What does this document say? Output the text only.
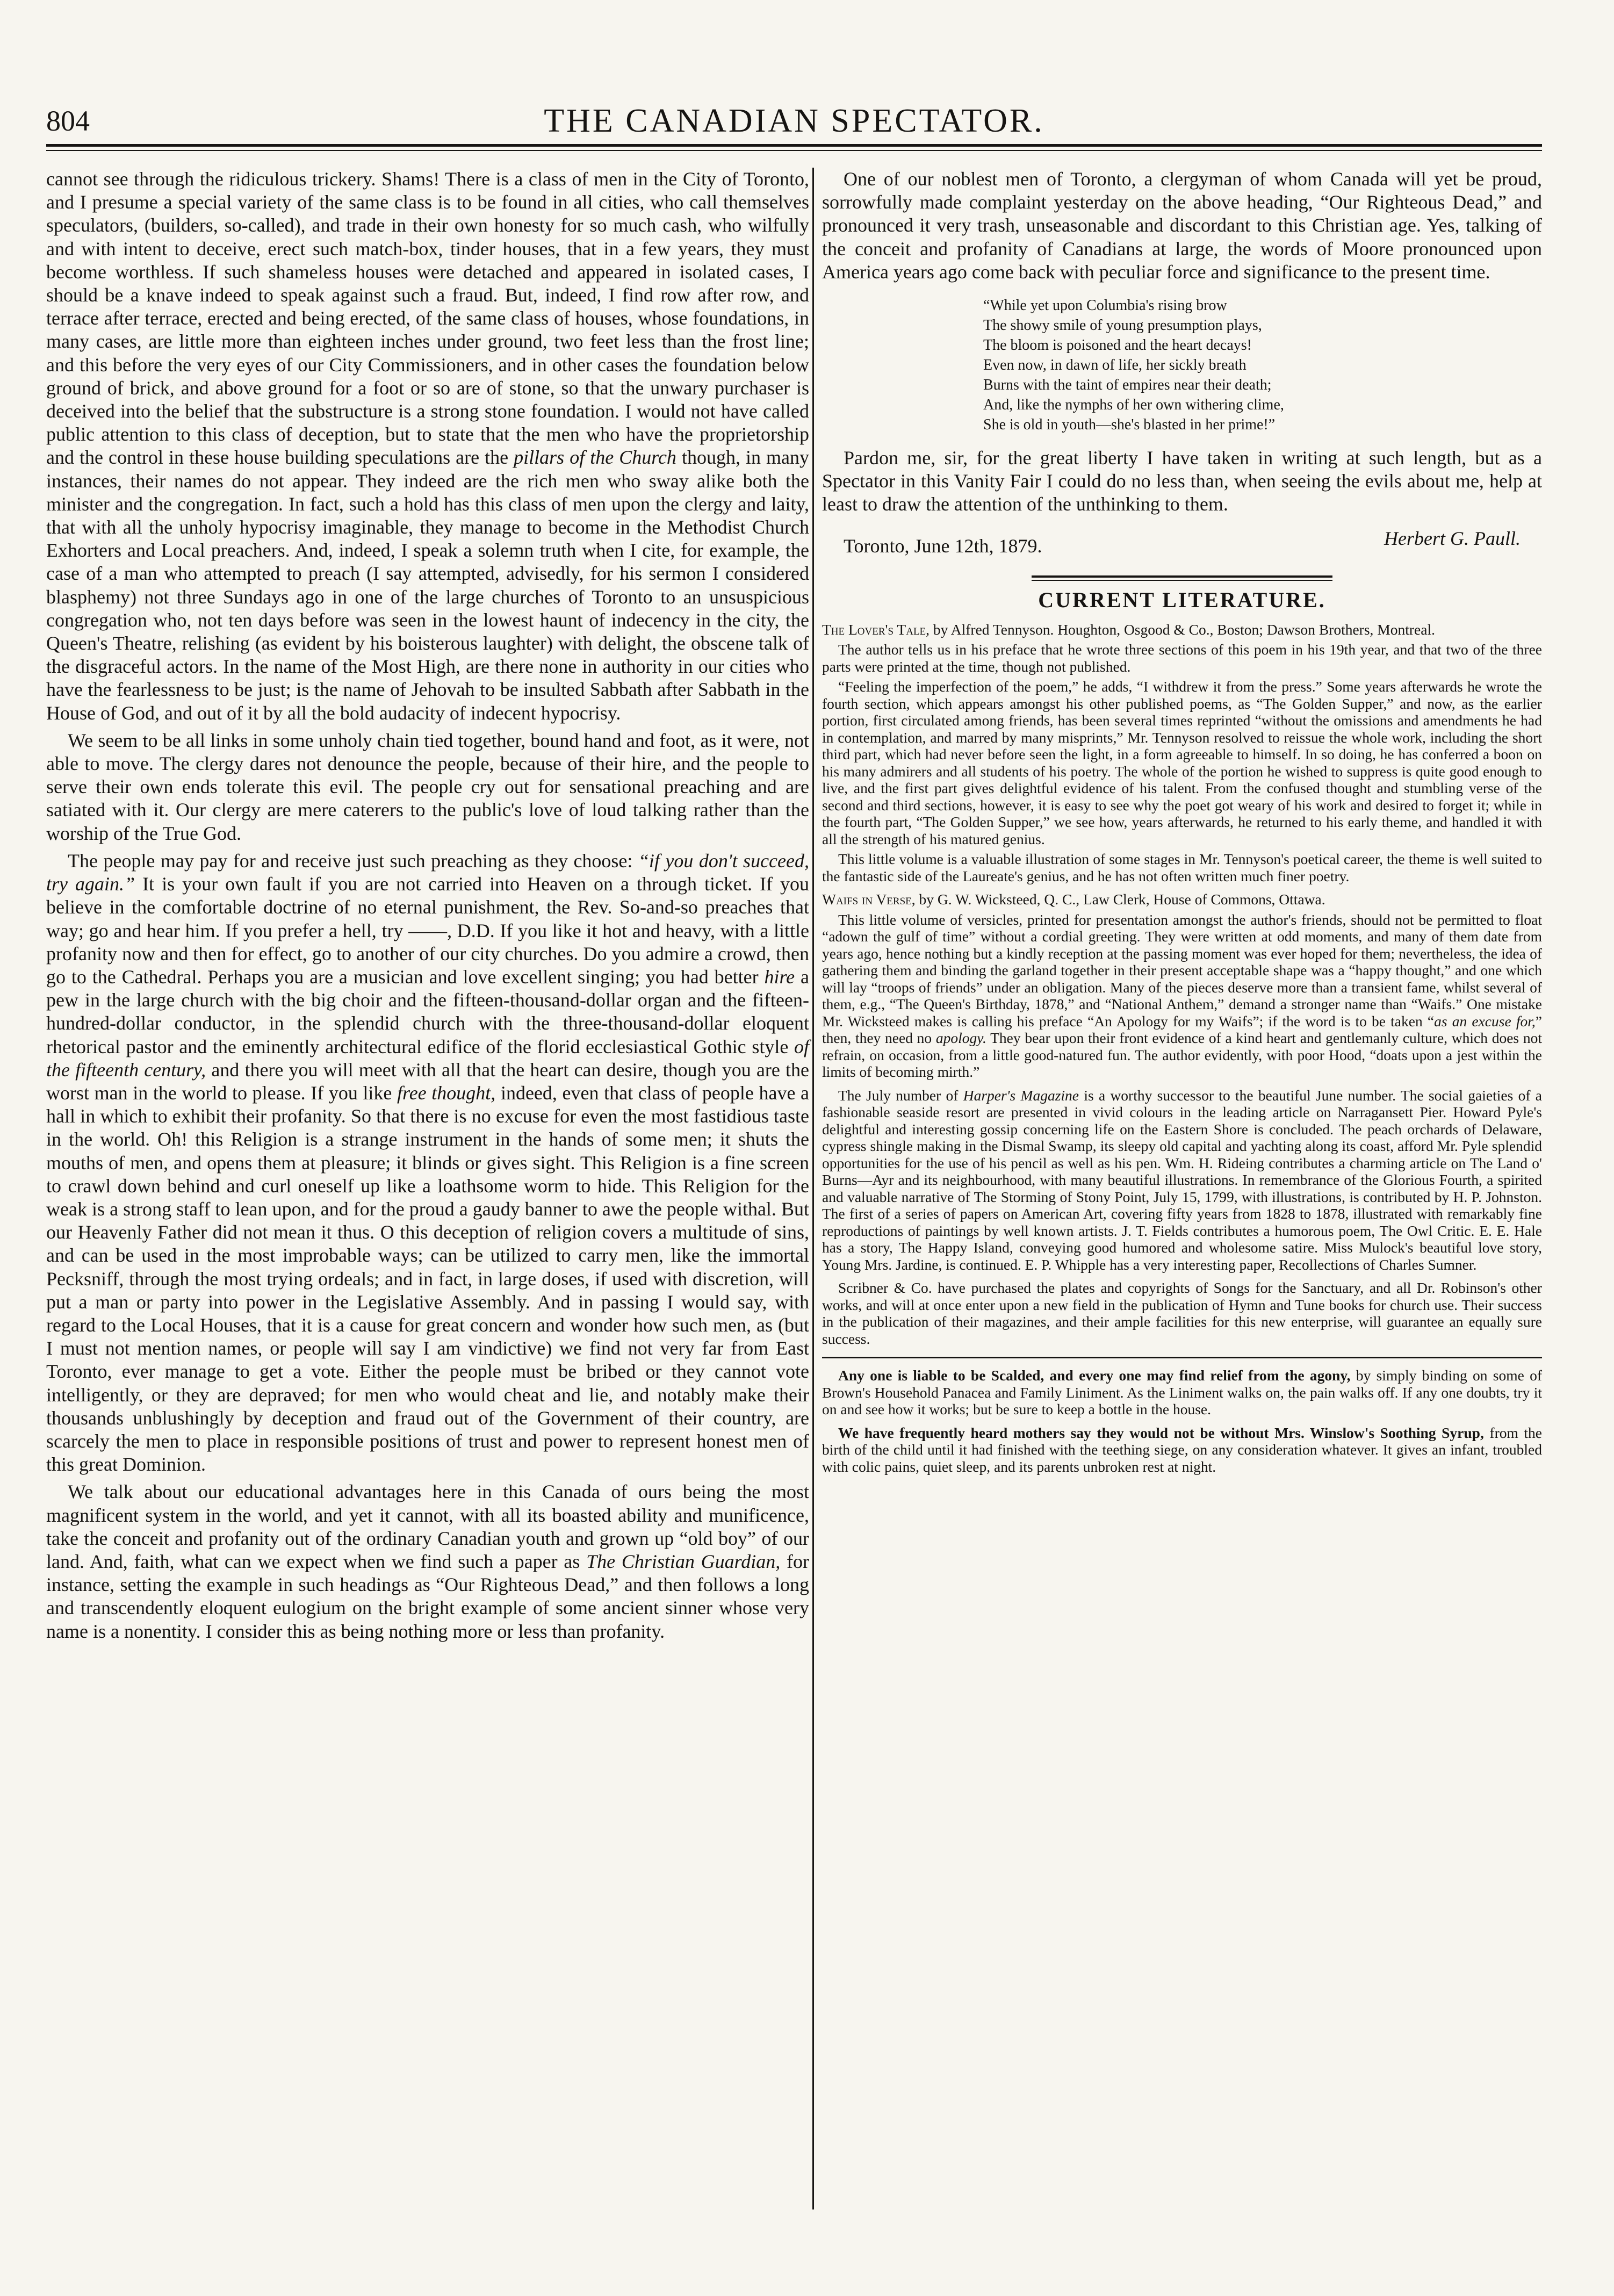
804	THE CANADIAN SPECTATOR.

cannot see through the ridiculous trickery. Shams! There is a class of men in the City of Toronto, and I presume a special variety of the same class is to be found in all cities, who call themselves speculators, (builders, so-called), and trade in their own honesty for so much cash, who wilfully and with intent to deceive, erect such match-box, tinder houses, that in a few years, they must become worthless. If such shameless houses were detached and appeared in isolated cases, I should be a knave indeed to speak against such a fraud. But, indeed, I find row after row, and terrace after terrace, erected and being erected, of the same class of houses, whose foundations, in many cases, are little more than eighteen inches under ground, two feet less than the frost line; and this before the very eyes of our City Commissioners, and in other cases the foundation below ground of brick, and above ground for a foot or so are of stone, so that the unwary purchaser is deceived into the belief that the substructure is a strong stone foundation. I would not have called public attention to this class of deception, but to state that the men who have the proprietorship and the control in these house building speculations are the pillars of the Church though, in many instances, their names do not appear. They indeed are the rich men who sway alike both the minister and the congregation. In fact, such a hold has this class of men upon the clergy and laity, that with all the unholy hypocrisy imaginable, they manage to become in the Methodist Church Exhorters and Local preachers. And, indeed, I speak a solemn truth when I cite, for example, the case of a man who attempted to preach (I say attempted, advisedly, for his sermon I considered blasphemy) not three Sundays ago in one of the large churches of Toronto to an unsuspicious congregation who, not ten days before was seen in the lowest haunt of indecency in the city, the Queen's Theatre, relishing (as evident by his boisterous laughter) with delight, the obscene talk of the disgraceful actors. In the name of the Most High, are there none in authority in our cities who have the fearlessness to be just; is the name of Jehovah to be insulted Sabbath after Sabbath in the House of God, and out of it by all the bold audacity of indecent hypocrisy.

We seem to be all links in some unholy chain tied together, bound hand and foot, as it were, not able to move. The clergy dares not denounce the people, because of their hire, and the people to serve their own ends tolerate this evil. The people cry out for sensational preaching and are satiated with it. Our clergy are mere caterers to the public's love of loud talking rather than the worship of the True God.

The people may pay for and receive just such preaching as they choose: “if you don't succeed, try again.” It is your own fault if you are not carried into Heaven on a through ticket. If you believe in the comfortable doctrine of no eternal punishment, the Rev. So-and-so preaches that way; go and hear him. If you prefer a hell, try ——, D.D. If you like it hot and heavy, with a little profanity now and then for effect, go to another of our city churches. Do you admire a crowd, then go to the Cathedral. Perhaps you are a musician and love excellent singing; you had better hire a pew in the large church with the big choir and the fifteen-thousand-dollar organ and the fifteen-hundred-dollar conductor, in the splendid church with the three-thousand-dollar eloquent rhetorical pastor and the eminently architectural edifice of the florid ecclesiastical Gothic style of the fifteenth century, and there you will meet with all that the heart can desire, though you are the worst man in the world to please. If you like free thought, indeed, even that class of people have a hall in which to exhibit their profanity. So that there is no excuse for even the most fastidious taste in the world. Oh! this Religion is a strange instrument in the hands of some men; it shuts the mouths of men, and opens them at pleasure; it blinds or gives sight. This Religion is a fine screen to crawl down behind and curl oneself up like a loathsome worm to hide. This Religion for the weak is a strong staff to lean upon, and for the proud a gaudy banner to awe the people withal. But our Heavenly Father did not mean it thus. O this deception of religion covers a multitude of sins, and can be used in the most improbable ways; can be utilized to carry men, like the immortal Pecksniff, through the most trying ordeals; and in fact, in large doses, if used with discretion, will put a man or party into power in the Legislative Assembly. And in passing I would say, with regard to the Local Houses, that it is a cause for great concern and wonder how such men, as (but I must not mention names, or people will say I am vindictive) we find not very far from East Toronto, ever manage to get a vote. Either the people must be bribed or they cannot vote intelligently, or they are depraved; for men who would cheat and lie, and notably make their thousands unblushingly by deception and fraud out of the Government of their country, are scarcely the men to place in responsible positions of trust and power to represent honest men of this great Dominion.

We talk about our educational advantages here in this Canada of ours being the most magnificent system in the world, and yet it cannot, with all its boasted ability and munificence, take the conceit and profanity out of the ordinary Canadian youth and grown up “old boy” of our land. And, faith, what can we expect when we find such a paper as The Christian Guardian, for instance, setting the example in such headings as “Our Righteous Dead,” and then follows a long and transcendently eloquent eulogium on the bright example of some ancient sinner whose very name is a nonentity. I consider this as being nothing more or less than profanity.

One of our noblest men of Toronto, a clergyman of whom Canada will yet be proud, sorrowfully made complaint yesterday on the above heading, “Our Righteous Dead,” and pronounced it very trash, unseasonable and discordant to this Christian age. Yes, talking of the conceit and profanity of Canadians at large, the words of Moore pronounced upon America years ago come back with peculiar force and significance to the present time.

“While yet upon Columbia's rising brow
The showy smile of young presumption plays,
The bloom is poisoned and the heart decays!
Even now, in dawn of life, her sickly breath
Burns with the taint of empires near their death;
And, like the nymphs of her own withering clime,
She is old in youth—she's blasted in her prime!”

Pardon me, sir, for the great liberty I have taken in writing at such length, but as a Spectator in this Vanity Fair I could do no less than, when seeing the evils about me, help at least to draw the attention of the unthinking to them.

Toronto, June 12th, 1879.	Herbert G. Paull.
CURRENT LITERATURE.

The Lover's Tale, by Alfred Tennyson. Houghton, Osgood & Co., Boston; Dawson Brothers, Montreal.

The author tells us in his preface that he wrote three sections of this poem in his 19th year, and that two of the three parts were printed at the time, though not published.

“Feeling the imperfection of the poem,” he adds, “I withdrew it from the press.” Some years afterwards he wrote the fourth section, which appears amongst his other published poems, as “The Golden Supper,” and now, as the earlier portion, first circulated among friends, has been several times reprinted “without the omissions and amendments he had in contemplation, and marred by many misprints,” Mr. Tennyson resolved to reissue the whole work, including the short third part, which had never before seen the light, in a form agreeable to himself. In so doing, he has conferred a boon on his many admirers and all students of his poetry. The whole of the portion he wished to suppress is quite good enough to live, and the first part gives delightful evidence of his talent. From the confused thought and stumbling verse of the second and third sections, however, it is easy to see why the poet got weary of his work and desired to forget it; while in the fourth part, “The Golden Supper,” we see how, years afterwards, he returned to his early theme, and handled it with all the strength of his matured genius.

This little volume is a valuable illustration of some stages in Mr. Tennyson's poetical career, the theme is well suited to the fantastic side of the Laureate's genius, and he has not often written much finer poetry.

Waifs in Verse, by G. W. Wicksteed, Q. C., Law Clerk, House of Commons, Ottawa.

This little volume of versicles, printed for presentation amongst the author's friends, should not be permitted to float “adown the gulf of time” without a cordial greeting. They were written at odd moments, and many of them date from years ago, hence nothing but a kindly reception at the passing moment was ever hoped for them; nevertheless, the idea of gathering them and binding the garland together in their present acceptable shape was a “happy thought,” and one which will lay “troops of friends” under an obligation. Many of the pieces deserve more than a transient fame, whilst several of them, e.g., “The Queen's Birthday, 1878,” and “National Anthem,” demand a stronger name than “Waifs.” One mistake Mr. Wicksteed makes is calling his preface “An Apology for my Waifs”; if the word is to be taken “as an excuse for,” then, they need no apology. They bear upon their front evidence of a kind heart and gentlemanly culture, which does not refrain, on occasion, from a little good-natured fun. The author evidently, with poor Hood, “doats upon a jest within the limits of becoming mirth.”

The July number of Harper's Magazine is a worthy successor to the beautiful June number. The social gaieties of a fashionable seaside resort are presented in vivid colours in the leading article on Narragansett Pier. Howard Pyle's delightful and interesting gossip concerning life on the Eastern Shore is concluded. The peach orchards of Delaware, cypress shingle making in the Dismal Swamp, its sleepy old capital and yachting along its coast, afford Mr. Pyle splendid opportunities for the use of his pencil as well as his pen. Wm. H. Rideing contributes a charming article on The Land o' Burns—Ayr and its neighbourhood, with many beautiful illustrations. In remembrance of the Glorious Fourth, a spirited and valuable narrative of The Storming of Stony Point, July 15, 1799, with illustrations, is contributed by H. P. Johnston. The first of a series of papers on American Art, covering fifty years from 1828 to 1878, illustrated with remarkably fine reproductions of paintings by well known artists. J. T. Fields contributes a humorous poem, The Owl Critic. E. E. Hale has a story, The Happy Island, conveying good humored and wholesome satire. Miss Mulock's beautiful love story, Young Mrs. Jardine, is continued. E. P. Whipple has a very interesting paper, Recollections of Charles Sumner.

Scribner & Co. have purchased the plates and copyrights of Songs for the Sanctuary, and all Dr. Robinson's other works, and will at once enter upon a new field in the publication of Hymn and Tune books for church use. Their success in the publication of their magazines, and their ample facilities for this new enterprise, will guarantee an equally sure success.

Any one is liable to be Scalded, and every one may find relief from the agony, by simply binding on some of Brown's Household Panacea and Family Liniment. As the Liniment walks on, the pain walks off. If any one doubts, try it on and see how it works; but be sure to keep a bottle in the house.

We have frequently heard mothers say they would not be without Mrs. Winslow's Soothing Syrup, from the birth of the child until it had finished with the teething siege, on any consideration whatever. It gives an infant, troubled with colic pains, quiet sleep, and its parents unbroken rest at night.
